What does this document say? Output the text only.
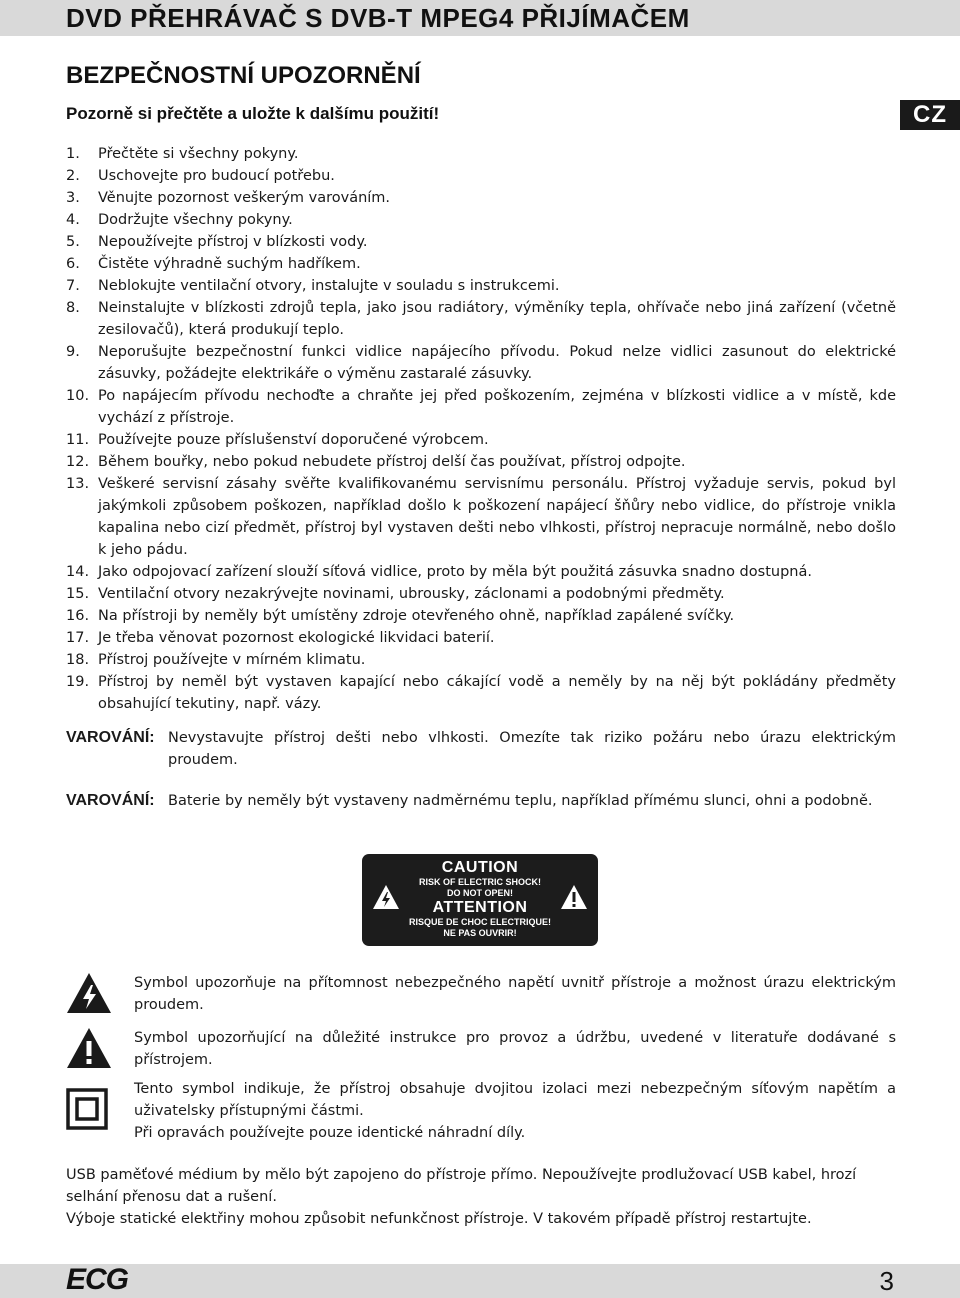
DVD PŘEHRÁVAČ S DVB-T MPEG4 PŘIJÍMAČEM
BEZPEČNOSTNÍ UPOZORNĚNÍ

Pozorně si přečtěte a uložte k dalšímu použití!	CZ
1. Přečtěte si všechny pokyny.
2. Uschovejte pro budoucí potřebu.
3. Věnujte pozornost veškerým varováním.
4. Dodržujte všechny pokyny.
5. Nepoužívejte přístroj v blízkosti vody.
6. Čistěte výhradně suchým hadříkem.
7. Neblokujte ventilační otvory, instalujte v souladu s instrukcemi.
8. Neinstalujte v blízkosti zdrojů tepla, jako jsou radiátory, výměníky tepla, ohřívače nebo jiná zařízení (včetně zesilovačů), která produkují teplo.
9. Neporušujte bezpečnostní funkci vidlice napájecího přívodu. Pokud nelze vidlici zasunout do elektrické zásuvky, požádejte elektrikáře o výměnu zastaralé zásuvky.
10. Po napájecím přívodu nechoďte a chraňte jej před poškozením, zejména v blízkosti vidlice a v místě, kde vychází z přístroje.
11. Používejte pouze příslušenství doporučené výrobcem.
12. Během bouřky, nebo pokud nebudete přístroj delší čas používat, přístroj odpojte.
13. Veškeré servisní zásahy svěřte kvalifikovanému servisnímu personálu. Přístroj vyžaduje servis, pokud byl jakýmkoli způsobem poškozen, například došlo k poškození napájecí šňůry nebo vidlice, do přístroje vnikla kapalina nebo cizí předmět, přístroj byl vystaven dešti nebo vlhkosti, přístroj nepracuje normálně, nebo došlo k jeho pádu.
14. Jako odpojovací zařízení slouží síťová vidlice, proto by měla být použitá zásuvka snadno dostupná.
15. Ventilační otvory nezakrývejte novinami, ubrousky, záclonami a podobnými předměty.
16. Na přístroji by neměly být umístěny zdroje otevřeného ohně, například zapálené svíčky.
17. Je třeba věnovat pozornost ekologické likvidaci baterií.
18. Přístroj používejte v mírném klimatu.
19. Přístroj by neměl být vystaven kapající nebo cákající vodě a neměly by na něj být pokládány předměty obsahující tekutiny, např. vázy.
VAROVÁNÍ: Nevystavujte přístroj dešti nebo vlhkosti. Omezíte tak riziko požáru nebo úrazu elektrickým proudem.
VAROVÁNÍ: Baterie by neměly být vystaveny nadměrnému teplu, například přímému slunci, ohni a podobně.
CAUTION
RISK OF ELECTRIC SHOCK!
DO NOT OPEN!
ATTENTION
RISQUE DE CHOC ELECTRIQUE!
NE PAS OUVRIR!
Symbol upozorňuje na přítomnost nebezpečného napětí uvnitř přístroje a možnost úrazu elektrickým proudem.
Symbol upozorňující na důležité instrukce pro provoz a údržbu, uvedené v literatuře dodávané s přístrojem.
Tento symbol indikuje, že přístroj obsahuje dvojitou izolaci mezi nebezpečným síťovým napětím a uživatelsky přístupnými částmi.
Při opravách používejte pouze identické náhradní díly.
USB paměťové médium by mělo být zapojeno do přístroje přímo. Nepoužívejte prodlužovací USB kabel, hrozí selhání přenosu dat a rušení.
Výboje statické elektřiny mohou způsobit nefunkčnost přístroje. V takovém případě přístroj restartujte.
ECG	3
